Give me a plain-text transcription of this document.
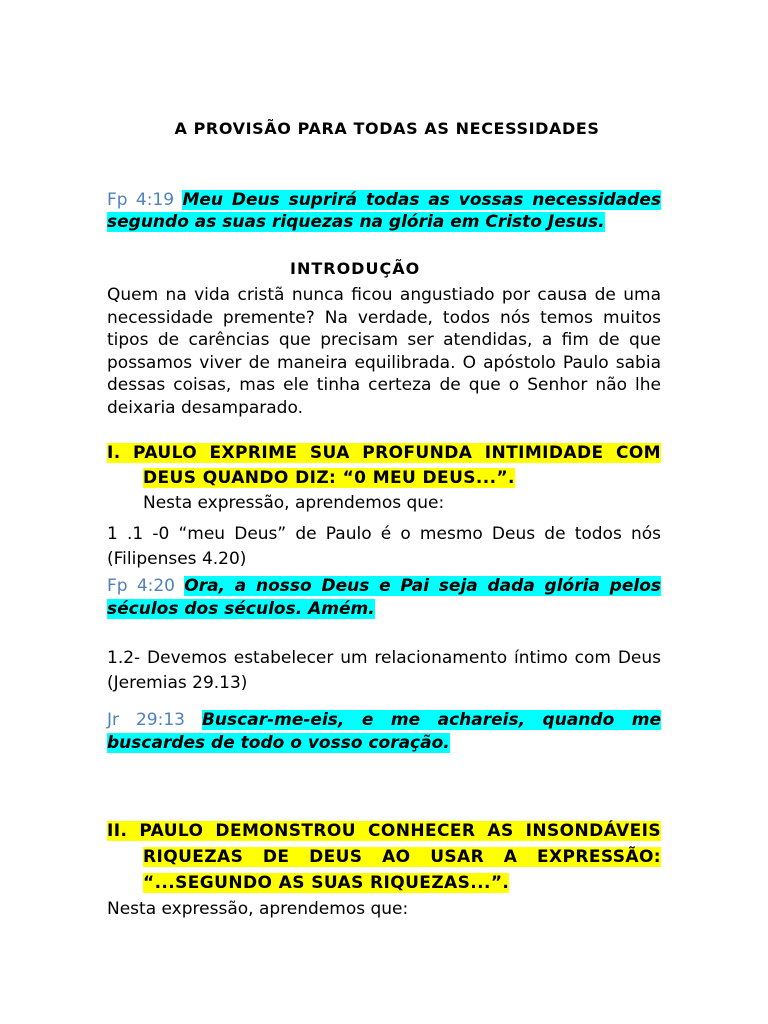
A PROVISÃO PARA TODAS AS NECESSIDADES

Fp 4:19 Meu Deus suprirá todas as vossas necessidades segundo as suas riquezas na glória em Cristo Jesus.

INTRODUÇÃO

Quem na vida cristã nunca ficou angustiado por causa de uma necessidade premente? Na verdade, todos nós temos muitos tipos de carências que precisam ser atendidas, a fim de que possamos viver de maneira equilibrada. O apóstolo Paulo sabia dessas coisas, mas ele tinha certeza de que o Senhor não lhe deixaria desamparado.

I. PAULO EXPRIME SUA PROFUNDA INTIMIDADE COM DEUS QUANDO DIZ: “0 MEU DEUS...”.

Nesta expressão, aprendemos que:

1 .1 -0 “meu Deus” de Paulo é o mesmo Deus de todos nós (Filipenses 4.20)

Fp 4:20 Ora, a nosso Deus e Pai seja dada glória pelos séculos dos séculos. Amém.

1.2- Devemos estabelecer um relacionamento íntimo com Deus (Jeremias 29.13)

Jr 29:13 Buscar-me-eis, e me achareis, quando me buscardes de todo o vosso coração.

II. PAULO DEMONSTROU CONHECER AS INSONDÁVEIS RIQUEZAS DE DEUS AO USAR A EXPRESSÃO: “...SEGUNDO AS SUAS RIQUEZAS...”.

Nesta expressão, aprendemos que:
